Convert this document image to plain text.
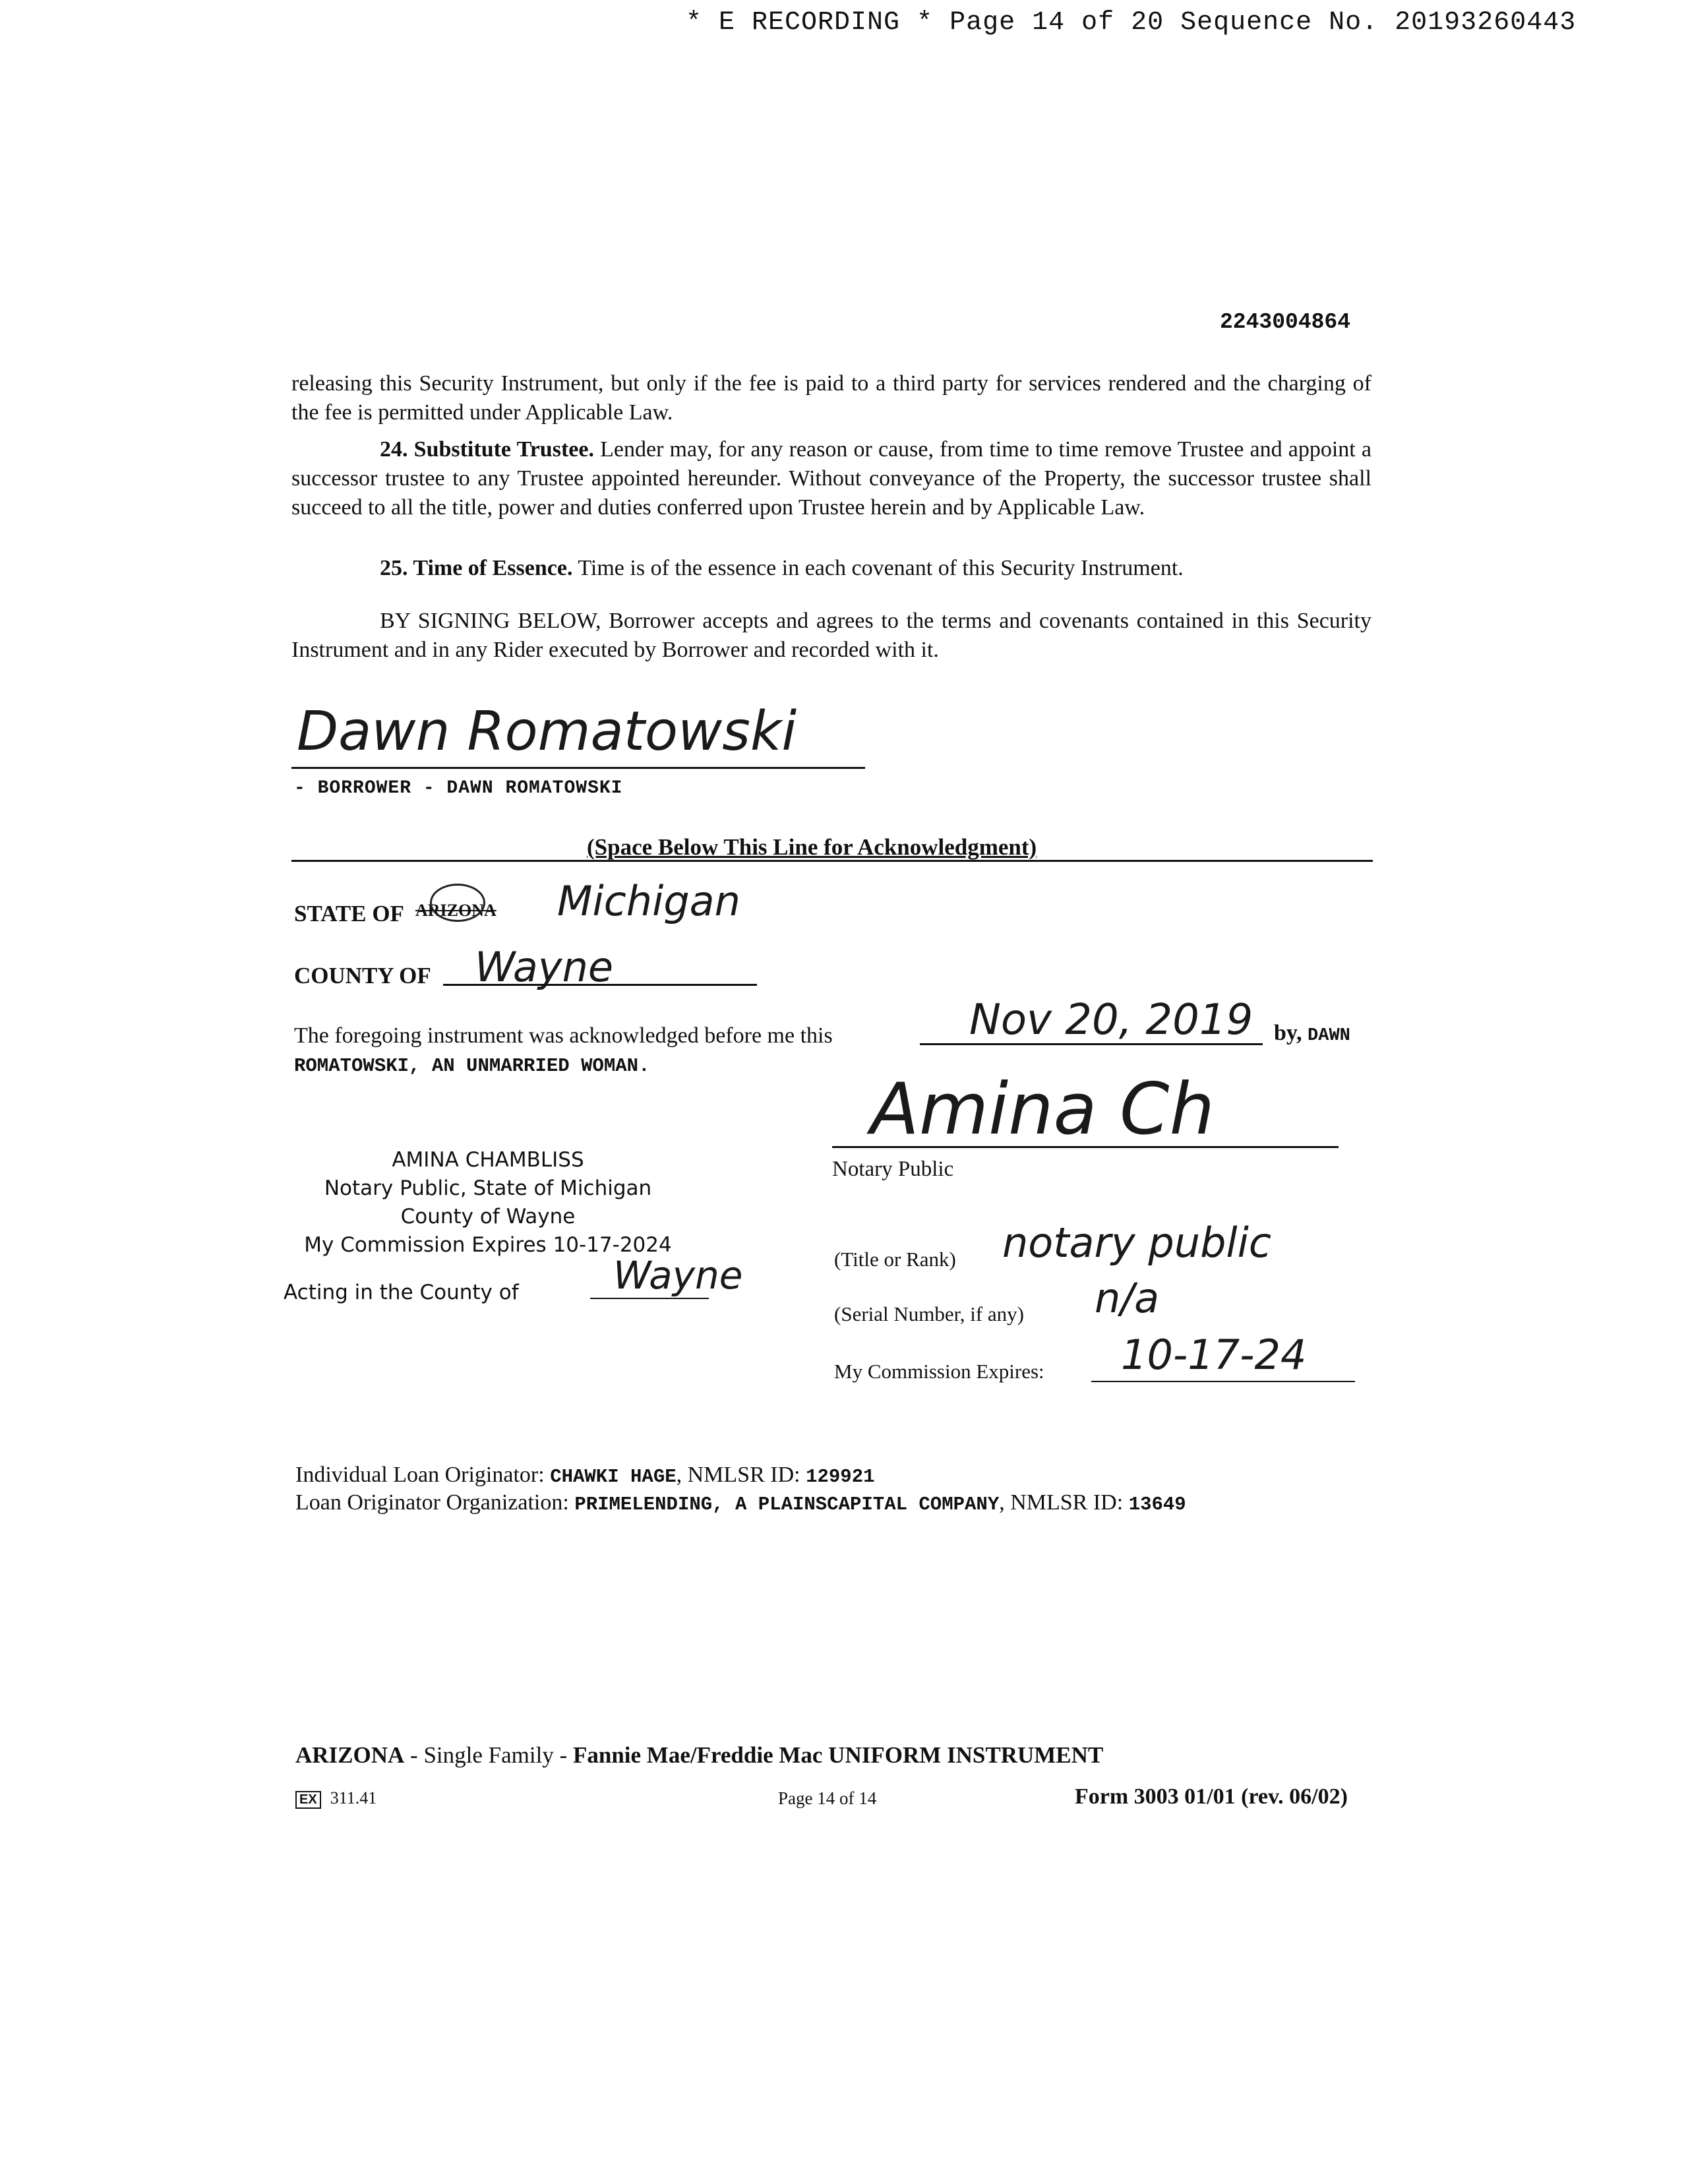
* E RECORDING * Page 14 of 20 Sequence No. 20193260443
2243004864
releasing this Security Instrument, but only if the fee is paid to a third party for services rendered and the charging of the fee is permitted under Applicable Law.
24. Substitute Trustee. Lender may, for any reason or cause, from time to time remove Trustee and appoint a successor trustee to any Trustee appointed hereunder. Without conveyance of the Property, the successor trustee shall succeed to all the title, power and duties conferred upon Trustee herein and by Applicable Law.
25. Time of Essence. Time is of the essence in each covenant of this Security Instrument.
BY SIGNING BELOW, Borrower accepts and agrees to the terms and covenants contained in this Security Instrument and in any Rider executed by Borrower and recorded with it.
Dawn Romatowski
- BORROWER - DAWN ROMATOWSKI
(Space Below This Line for Acknowledgment)
STATE OF ARIZONA Michigan
COUNTY OF Wayne
The foregoing instrument was acknowledged before me this	Nov 20, 2019 by, DAWN
ROMATOWSKI, AN UNMARRIED WOMAN.
Amina Ch
Notary Public
AMINA CHAMBLISS
Notary Public, State of Michigan
County of Wayne
My Commission Expires 10-17-2024
Acting in the County of Wayne	(Title or Rank) notary public
(Serial Number, if any) n/a
My Commission Expires: 10-17-24
Individual Loan Originator: CHAWKI HAGE, NMLSR ID: 129921
Loan Originator Organization: PRIMELENDING, A PLAINSCAPITAL COMPANY, NMLSR ID: 13649
ARIZONA - Single Family - Fannie Mae/Freddie Mac UNIFORM INSTRUMENT
EX 311.41	Page 14 of 14	Form 3003 01/01 (rev. 06/02)
